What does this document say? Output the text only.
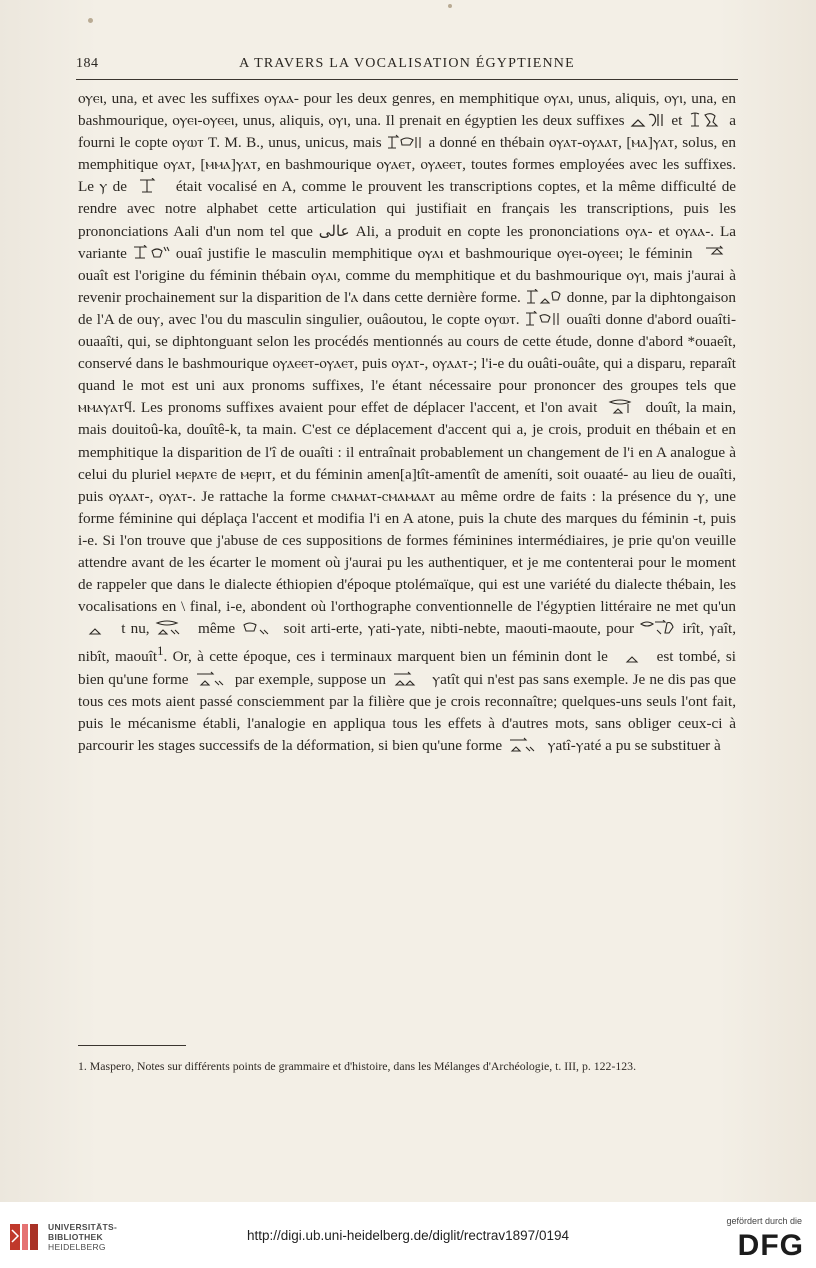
184	A TRAVERS LA VOCALISATION ÉGYPTIENNE

ⲟⲩⲉⲓ, una, et avec les suffixes ⲟⲩⲁⲁ- pour les deux genres, en memphitique ⲟⲩⲁⲓ, unus, aliquis, ⲟⲩⲓ, una, en bashmourique, ⲟⲩⲉⲓ-ⲟⲩⲉⲉⲓ, unus, aliquis, ⲟⲩⲓ, una. Il prenait en égyptien les deux suffixes	et	a fourni le copte ⲟⲩⲱⲧ T. M. B., unus, unicus, mais	a donné en thébain ⲟⲩⲁⲧ-ⲟⲩⲁⲁⲧ, [ⲙⲁ]ⲩⲁⲧ, solus, en memphitique ⲟⲩⲁⲧ, [ⲙⲙⲁ]ⲩⲁⲧ, en bashmourique ⲟⲩⲁⲉⲧ, ⲟⲩⲁⲉⲉⲧ, toutes formes employées avec les suffixes. Le ⲩ de	était vocalisé en A, comme le prouvent les transcriptions coptes, et la même difficulté de rendre avec notre alphabet cette articulation qui justifiait en français les transcriptions, puis les prononciations Aali d'un nom tel que عالى Ali, a produit en copte les prononciations ⲟⲩⲁ- et ⲟⲩⲁⲁ-. La variante	ouaî justifie le masculin memphitique ⲟⲩⲁⲓ et bashmourique ⲟⲩⲉⲓ-ⲟⲩⲉⲉⲓ; le féminin  ouaît est l'origine du féminin thébain ⲟⲩⲁⲓ, comme du memphitique et du bashmourique ⲟⲩⲓ, mais j'aurai à revenir prochainement sur la disparition de l'ⲁ dans cette dernière forme.	donne, par la diphtongaison de l'A de ouⲩ, avec l'ou du masculin singulier, ouâoutou, le copte ⲟⲩⲱⲧ.	ouaîti donne d'abord ouaîti-ouaaîti, qui, se diphtonguant selon les procédés mentionnés au cours de cette étude, donne d'abord *ouaeît, conservé dans le bashmourique ⲟⲩⲁⲉⲉⲧ-ⲟⲩⲁⲉⲧ, puis ⲟⲩⲁⲧ-, ⲟⲩⲁⲁⲧ-; l'i-e du ouâti-ouâte, qui a disparu, reparaît quand le mot est uni aux pronoms suffixes, l'e étant nécessaire pour prononcer des groupes tels que ⲙⲙⲁⲩⲁⲧϥ. Les pronoms suffixes avaient pour effet de déplacer l'accent, et l'on avait	douît, la main, mais douitoû-ka, douîtê-k, ta main. C'est ce déplacement d'accent qui a, je crois, produit en thébain et en memphitique la disparition de l'î de ouaîti : il entraînait probablement un changement de l'i en A analogue à celui du pluriel ⲙⲉⲣⲁⲧⲉ de ⲙⲉⲣⲓⲧ, et du féminin amen[a]tît-amentît de ameníti, soit ouaaté- au lieu de ouaîti, puis ⲟⲩⲁⲁⲧ-, ⲟⲩⲁⲧ-. Je rattache la forme ⲥⲙⲁⲙⲁⲧ-ⲥⲙⲁⲙⲁⲁⲧ au même ordre de faits : la présence du ⲩ, une forme féminine qui déplaça l'accent et modifia l'i en A atone, puis la chute des marques du féminin -t, puis i-e. Si l'on trouve que j'abuse de ces suppositions de formes féminines intermédiaires, je prie qu'on veuille attendre avant de les écarter le moment où j'aurai pu les authentiquer, et je me contenterai pour le moment de rappeler que dans le dialecte éthiopien d'époque ptolémaïque, qui est une variété du dialecte thébain, les vocalisations en \ final, i-e, abondent où l'orthographe conventionnelle de l'égyptien littéraire ne met qu'un  t nu,	même	soit arti-erte, ⲩati-ⲩate, nibti-nebte, maouti-maoute, pour	irît, ⲩaît, nibît, maouît$^1$. Or, à cette époque, ces i terminaux marquent bien un féminin dont le	est tombé, si bien qu'une forme	par exemple, suppose un	ⲩatît qui n'est pas sans exemple. Je ne dis pas que tous ces mots aient passé consciemment par la filière que je crois reconnaître; quelques-uns seuls l'ont fait, puis le mécanisme établi, l'analogie en appliqua tous les effets à d'autres mots, sans obliger ceux-ci à parcourir les stages successifs de la déformation, si bien qu'une forme	ⲩatî-ⲩaté a pu se substituer à

1. Maspero, Notes sur différents points de grammaire et d'histoire, dans les Mélanges d'Archéologie, t. III, p. 122-123.
UNIVERSITÄTS-
BIBLIOTHEK
HEIDELBERG
http://digi.ub.uni-heidelberg.de/diglit/rectrav1897/0194
gefördert durch die
DFG
